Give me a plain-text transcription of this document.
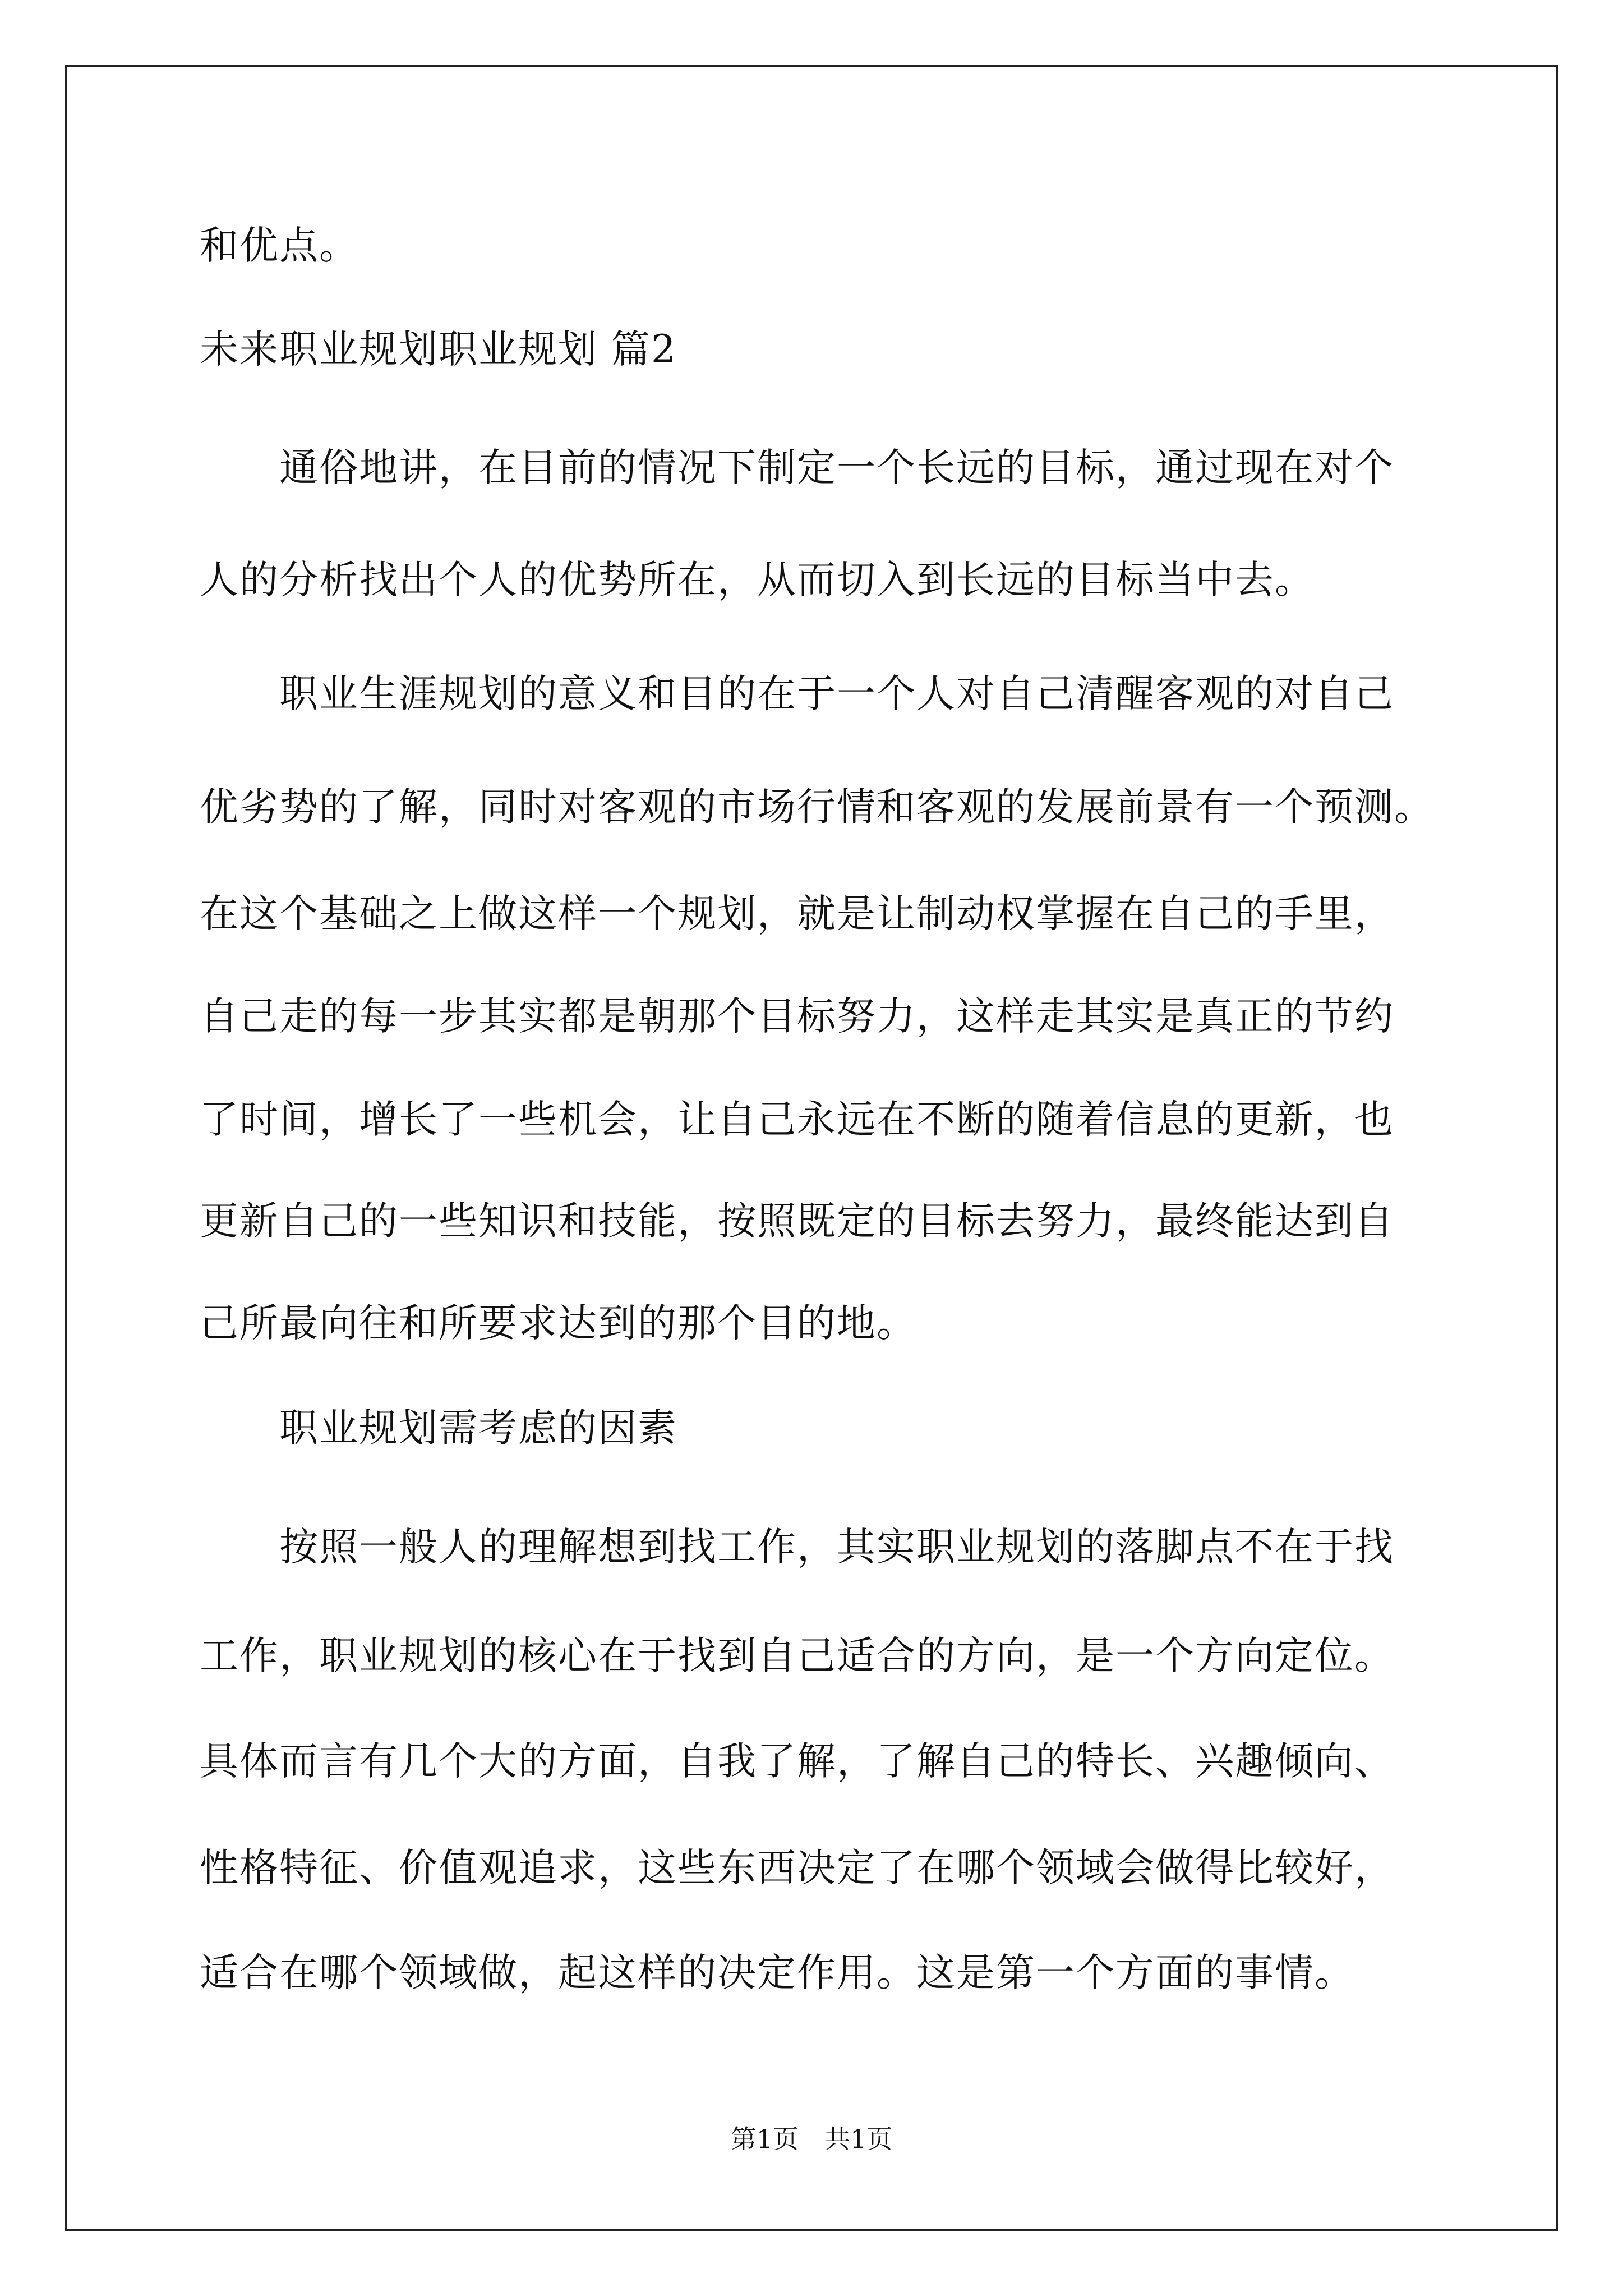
和优点。

未来职业规划职业规划 篇2

　　通俗地讲，在目前的情况下制定一个长远的目标，通过现在对个

人的分析找出个人的优势所在，从而切入到长远的目标当中去。

　　职业生涯规划的意义和目的在于一个人对自己清醒客观的对自己

优劣势的了解，同时对客观的市场行情和客观的发展前景有一个预测。

在这个基础之上做这样一个规划，就是让制动权掌握在自己的手里，

自己走的每一步其实都是朝那个目标努力，这样走其实是真正的节约

了时间，增长了一些机会，让自己永远在不断的随着信息的更新，也

更新自己的一些知识和技能，按照既定的目标去努力，最终能达到自

己所最向往和所要求达到的那个目的地。

　　职业规划需考虑的因素

　　按照一般人的理解想到找工作，其实职业规划的落脚点不在于找

工作，职业规划的核心在于找到自己适合的方向，是一个方向定位。

具体而言有几个大的方面，自我了解，了解自己的特长、兴趣倾向、

性格特征、价值观追求，这些东西决定了在哪个领域会做得比较好，

适合在哪个领域做，起这样的决定作用。这是第一个方面的事情。

第1页　共1页
